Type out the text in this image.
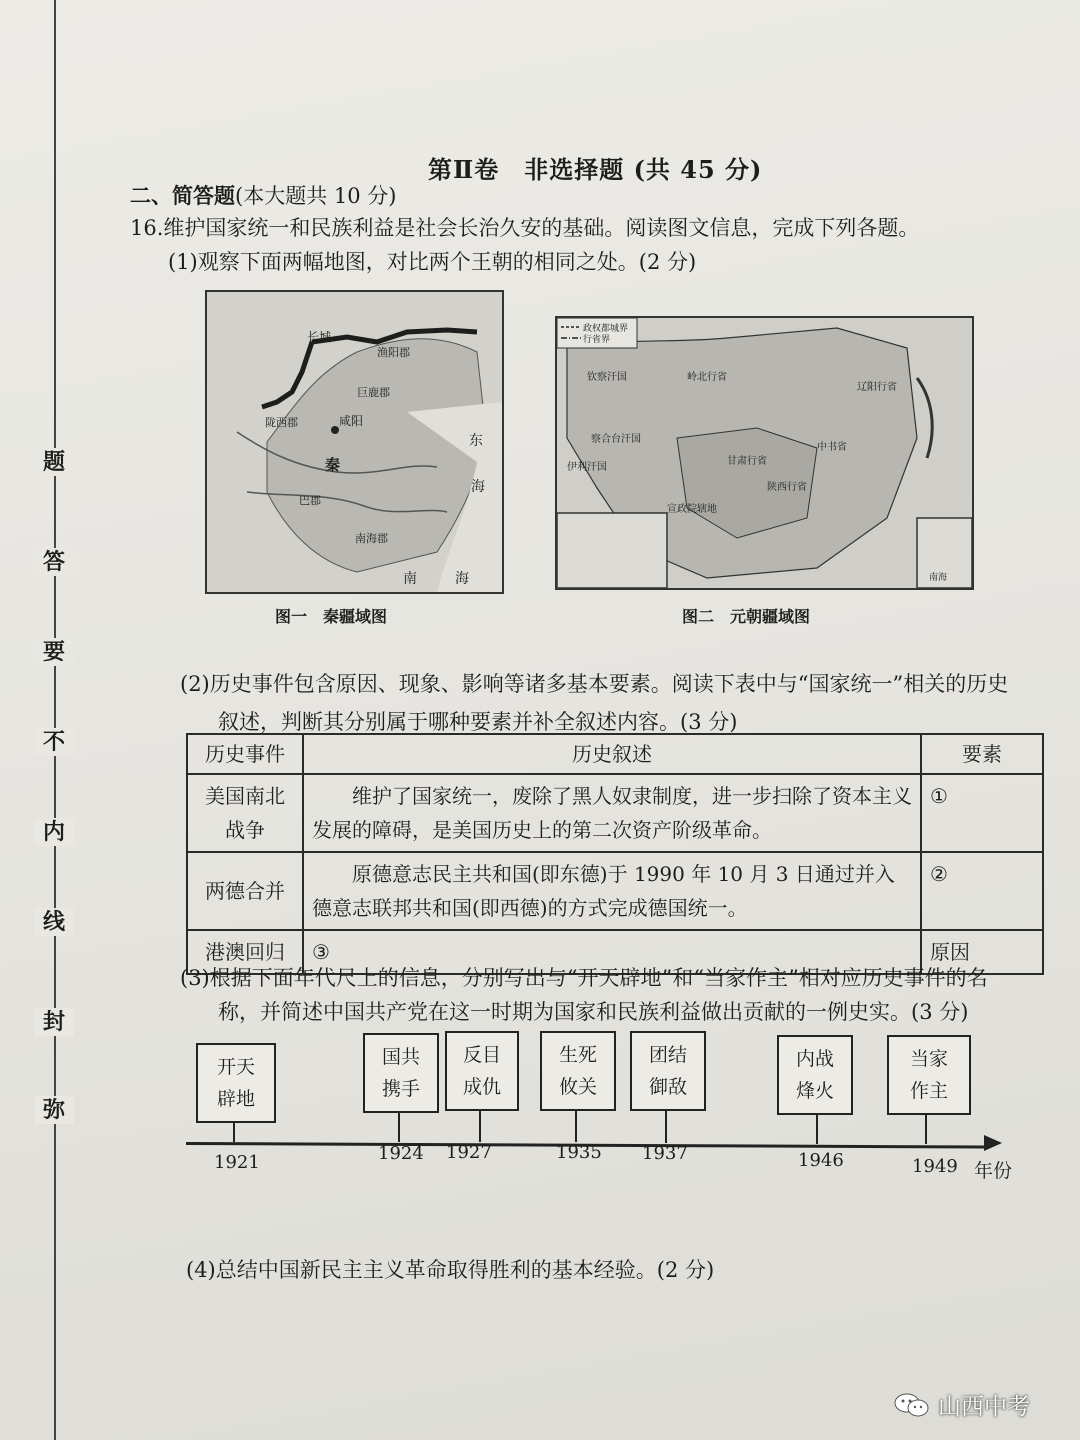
题
答
要
不
内
线
封
弥
第Ⅱ卷　非选择题 (共 45 分)
二、简答题(本大题共 10 分)
16.维护国家统一和民族利益是社会长治久安的基础。阅读图文信息，完成下列各题。
(1)观察下面两幅地图，对比两个王朝的相同之处。(2 分)
长城
渔阳郡
巨鹿郡
咸阳
陇西郡
秦
巴郡
南海郡
东
海
南	海
图一　秦疆域图
政权都城界
行省界
钦察汗国	岭北行省
辽阳行省
察合台汗国
伊利汗国
中书省
宣政院辖地
甘肃行省
陕西行省
南海
图二　元朝疆域图
(2)历史事件包含原因、现象、影响等诸多基本要素。阅读下表中与“国家统一”相关的历史
叙述，判断其分别属于哪种要素并补全叙述内容。(3 分)
历史事件	历史叙述	要素
美国南北战争	维护了国家统一，废除了黑人奴隶制度，进一步扫除了资本主义发展的障碍，是美国历史上的第二次资产阶级革命。	①
两德合并	原德意志民主共和国(即东德)于 1990 年 10 月 3 日通过并入德意志联邦共和国(即西德)的方式完成德国统一。	②
港澳回归	③	原因
(3)根据下面年代尺上的信息，分别写出与“开天辟地”和“当家作主”相对应历史事件的名
称，并简述中国共产党在这一时期为国家和民族利益做出贡献的一例史实。(3 分)
开天
辟地
1921
国共
携手
1924
反目
成仇
1927
生死
攸关
1935
团结
御敌
1937
内战
烽火
1946
当家
作主
1949 年份
(4)总结中国新民主主义革命取得胜利的基本经验。(2 分)
山西中考
